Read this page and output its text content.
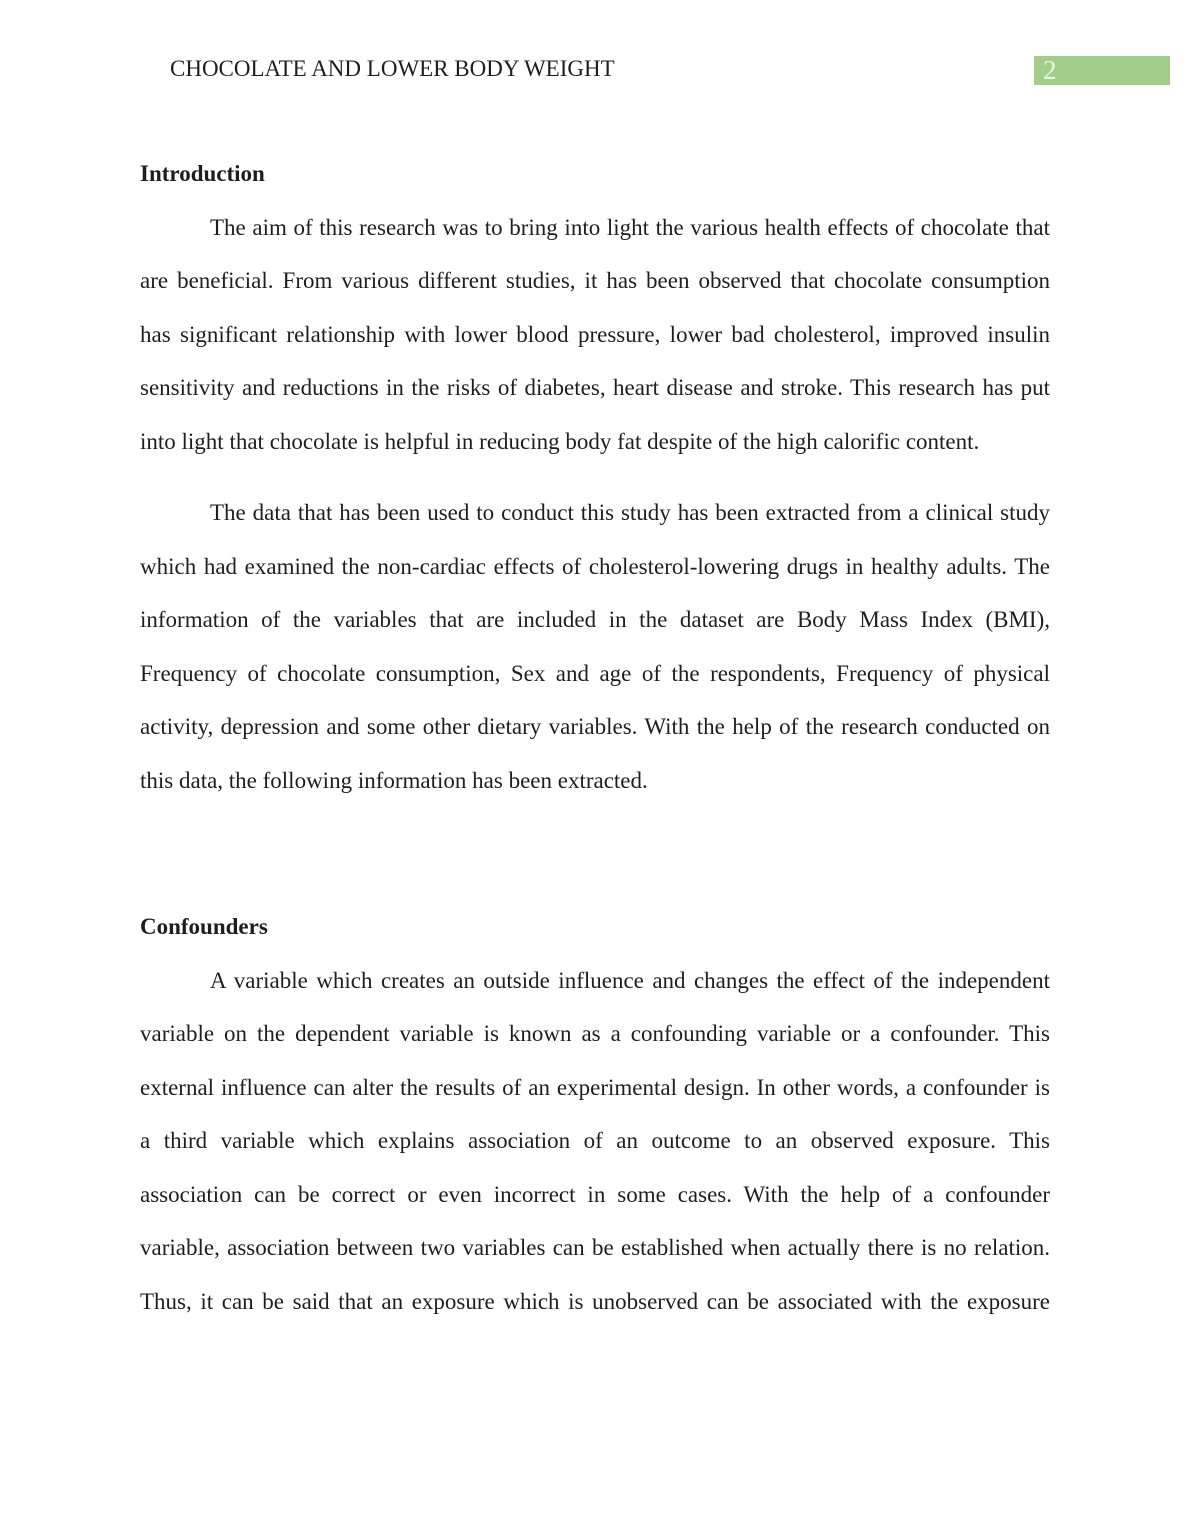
CHOCOLATE AND LOWER BODY WEIGHT	2
Introduction
The aim of this research was to bring into light the various health effects of chocolate that
are beneficial. From various different studies, it has been observed that chocolate consumption
has significant relationship with lower blood pressure, lower bad cholesterol, improved insulin
sensitivity and reductions in the risks of diabetes, heart disease and stroke. This research has put
into light that chocolate is helpful in reducing body fat despite of the high calorific content.
The data that has been used to conduct this study has been extracted from a clinical study
which had examined the non-cardiac effects of cholesterol-lowering drugs in healthy adults. The
information of the variables that are included in the dataset are Body Mass Index (BMI),
Frequency of chocolate consumption, Sex and age of the respondents, Frequency of physical
activity, depression and some other dietary variables. With the help of the research conducted on
this data, the following information has been extracted.
Confounders
A variable which creates an outside influence and changes the effect of the independent
variable on the dependent variable is known as a confounding variable or a confounder. This
external influence can alter the results of an experimental design. In other words, a confounder is
a third variable which explains association of an outcome to an observed exposure. This
association can be correct or even incorrect in some cases. With the help of a confounder
variable, association between two variables can be established when actually there is no relation.
Thus, it can be said that an exposure which is unobserved can be associated with the exposure
